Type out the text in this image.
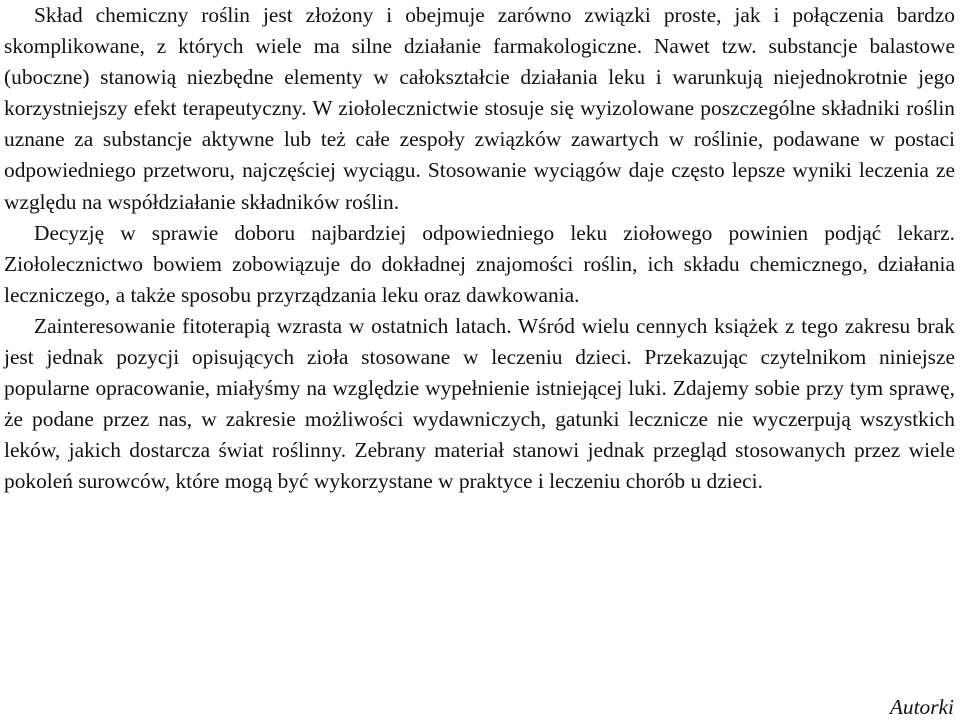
Skład chemiczny roślin jest złożony i obejmuje zarówno związki proste, jak i połączenia bardzo skomplikowane, z których wiele ma silne działanie farmakologiczne. Nawet tzw. substancje balastowe (uboczne) stanowią niezbędne elementy w całokształcie działania leku i warunkują niejednokrotnie jego korzystniejszy efekt terapeutyczny. W ziołolecznictwie stosuje się wyizolowane poszczególne składniki roślin uznane za substancje aktywne lub też całe zespoły związków zawartych w roślinie, podawane w postaci odpowiedniego przetworu, najczęściej wyciągu. Stosowanie wyciągów daje często lepsze wyniki leczenia ze względu na współdziałanie składników roślin.

Decyzję w sprawie doboru najbardziej odpowiedniego leku ziołowego powinien podjąć lekarz. Ziołolecznictwo bowiem zobowiązuje do dokładnej znajomości roślin, ich składu chemicznego, działania leczniczego, a także sposobu przyrządzania leku oraz dawkowania.

Zainteresowanie fitoterapią wzrasta w ostatnich latach. Wśród wielu cennych książek z tego zakresu brak jest jednak pozycji opisujących zioła stosowane w leczeniu dzieci. Przekazując czytelnikom niniejsze popularne opracowanie, miałyśmy na względzie wypełnienie istniejącej luki. Zdajemy sobie przy tym sprawę, że podane przez nas, w zakresie możliwości wydawniczych, gatunki lecznicze nie wyczerpują wszystkich leków, jakich dostarcza świat roślinny. Zebrany materiał stanowi jednak przegląd stosowanych przez wiele pokoleń surowców, które mogą być wykorzystane w praktyce i leczeniu chorób u dzieci.

Autorki
